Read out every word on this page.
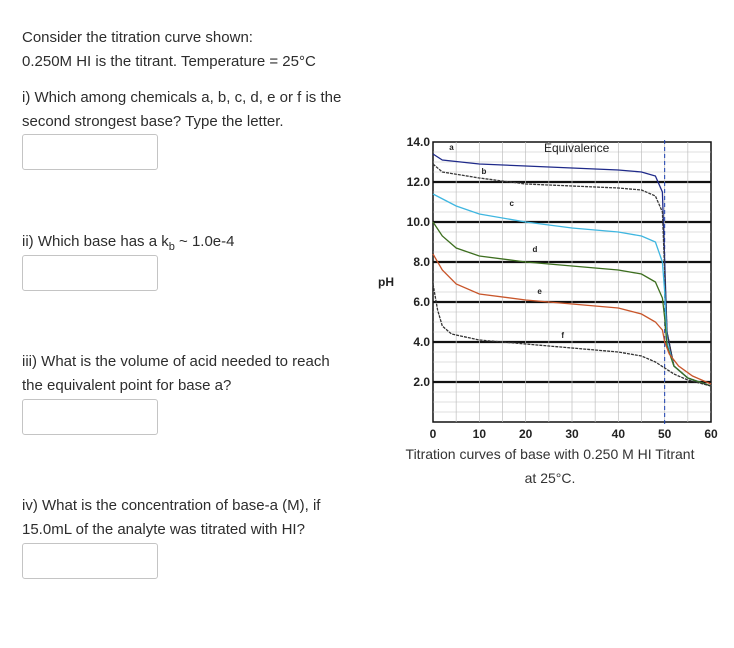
Consider the titration curve shown:
0.250M HI is the titrant. Temperature = 25°C
i) Which among chemicals a, b, c, d, e or f is the
second strongest base? Type the letter.
ii) Which base has a $k_b$ ~ 1.0e-4
iii) What is the volume of acid needed to reach
the equivalent point for base a?
iv) What is the concentration of base-a (M), if
15.0mL of the analyte was titrated with HI?
a
b
c
d
e
f
Equivalence
2.0
4.0
6.0
8.0
10.0
12.0
14.0
0	10	20	30	40	50	60
pH
Titration curves of base with 0.250 M HI Titrant
at 25°C.
